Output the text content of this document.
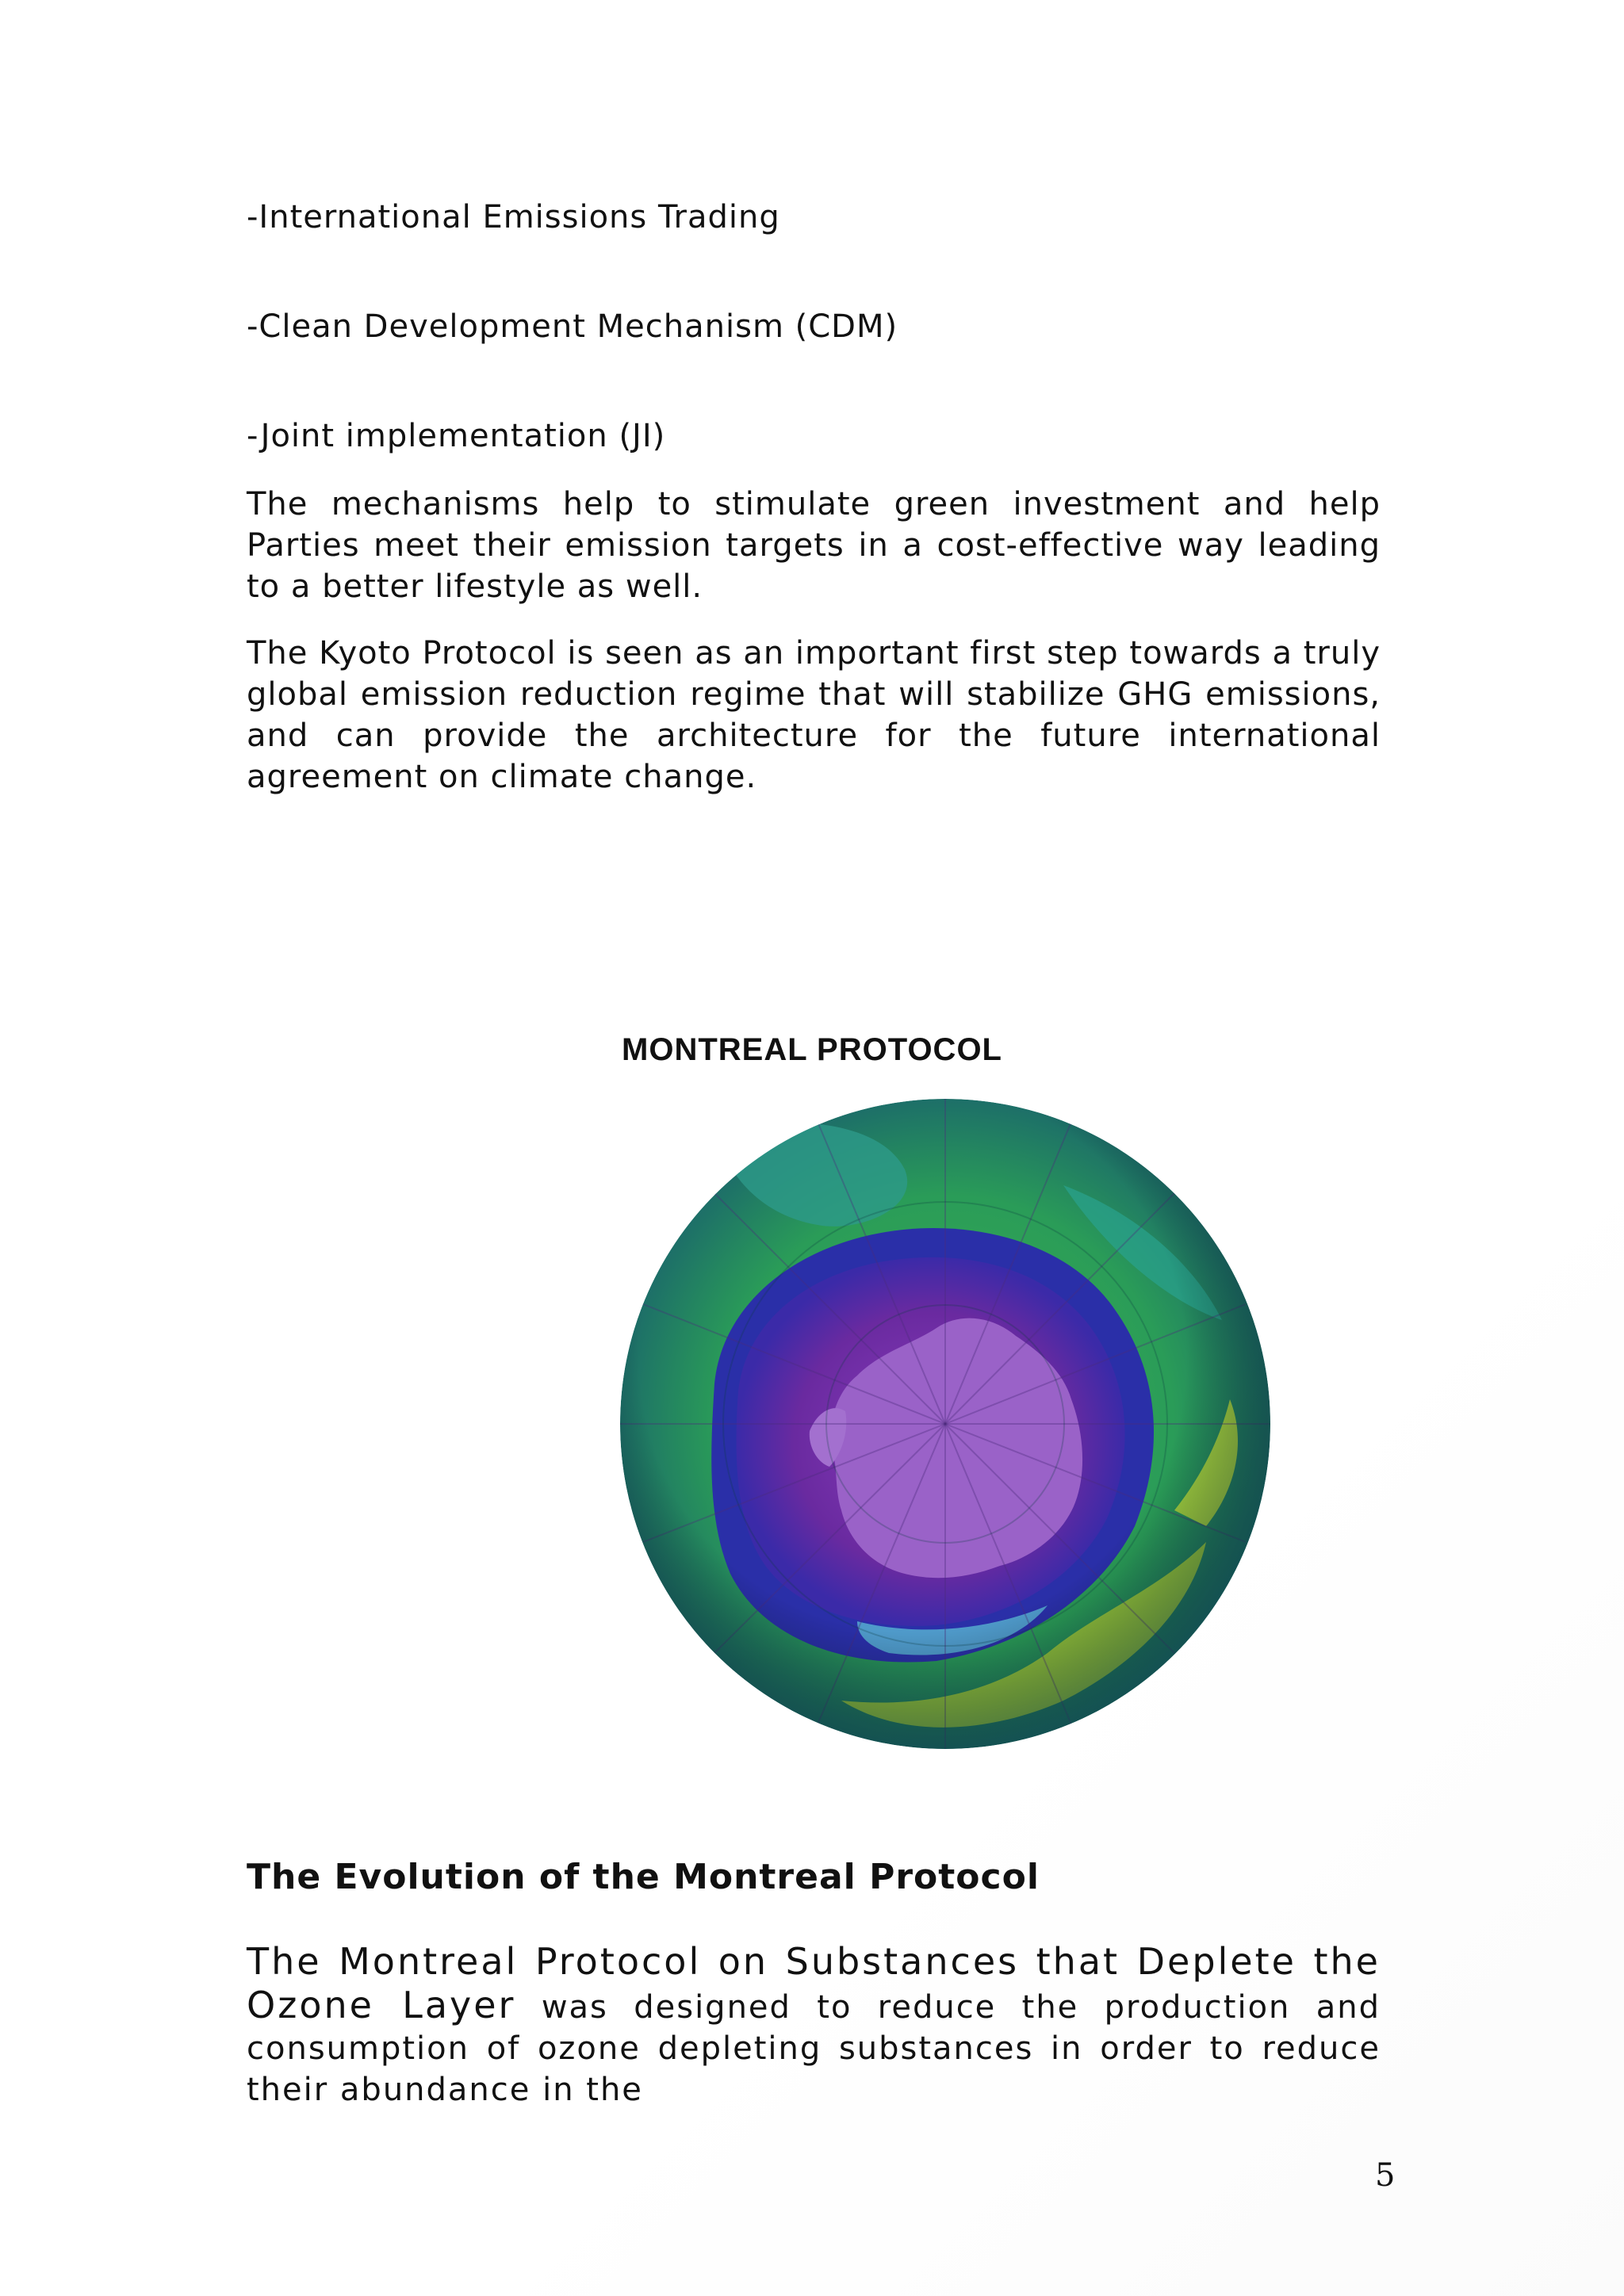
-International Emissions Trading

-Clean Development Mechanism (CDM)

-Joint implementation (JI)

The mechanisms help to stimulate green investment and help Parties meet their emission targets in a cost-effective way leading to a better lifestyle as well.

The Kyoto Protocol is seen as an important first step towards a truly global emission reduction regime that will stabilize GHG emissions, and can provide the architecture for the future international agreement on climate change.

MONTREAL PROTOCOL

The Evolution of the Montreal Protocol

The Montreal Protocol on Substances that Deplete the Ozone Layer was designed to reduce the production and consumption of ozone depleting substances in order to reduce their abundance in the

5
